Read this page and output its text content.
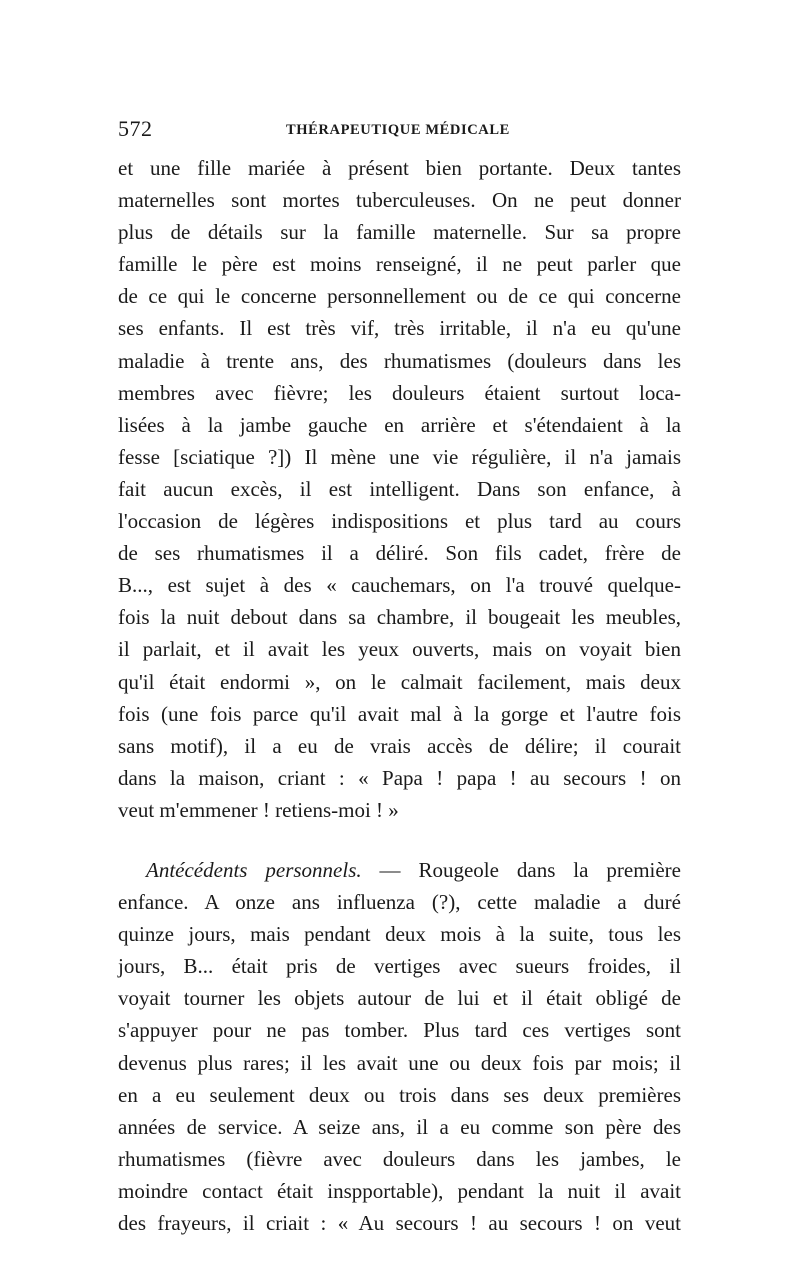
572	THÉRAPEUTIQUE MÉDICALE
et une fille mariée à présent bien portante. Deux tantes
maternelles sont mortes tuberculeuses. On ne peut donner
plus de détails sur la famille maternelle. Sur sa propre
famille le père est moins renseigné, il ne peut parler que
de ce qui le concerne personnellement ou de ce qui concerne
ses enfants. Il est très vif, très irritable, il n'a eu qu'une
maladie à trente ans, des rhumatismes (douleurs dans les
membres avec fièvre; les douleurs étaient surtout loca-
lisées à la jambe gauche en arrière et s'étendaient à la
fesse [sciatique ?]) Il mène une vie régulière, il n'a jamais
fait aucun excès, il est intelligent. Dans son enfance, à
l'occasion de légères indispositions et plus tard au cours
de ses rhumatismes il a déliré. Son fils cadet, frère de
B..., est sujet à des « cauchemars, on l'a trouvé quelque-
fois la nuit debout dans sa chambre, il bougeait les meubles,
il parlait, et il avait les yeux ouverts, mais on voyait bien
qu'il était endormi », on le calmait facilement, mais deux
fois (une fois parce qu'il avait mal à la gorge et l'autre fois
sans motif), il a eu de vrais accès de délire; il courait
dans la maison, criant : « Papa ! papa ! au secours ! on
veut m'emmener ! retiens-moi ! »
Antécédents personnels. — Rougeole dans la première
enfance. A onze ans influenza (?), cette maladie a duré
quinze jours, mais pendant deux mois à la suite, tous les
jours, B... était pris de vertiges avec sueurs froides, il
voyait tourner les objets autour de lui et il était obligé de
s'appuyer pour ne pas tomber. Plus tard ces vertiges sont
devenus plus rares; il les avait une ou deux fois par mois; il
en a eu seulement deux ou trois dans ses deux premières
années de service. A seize ans, il a eu comme son père des
rhumatismes (fièvre avec douleurs dans les jambes, le
moindre contact était inspportable), pendant la nuit il avait
des frayeurs, il criait : « Au secours ! au secours ! on veut
